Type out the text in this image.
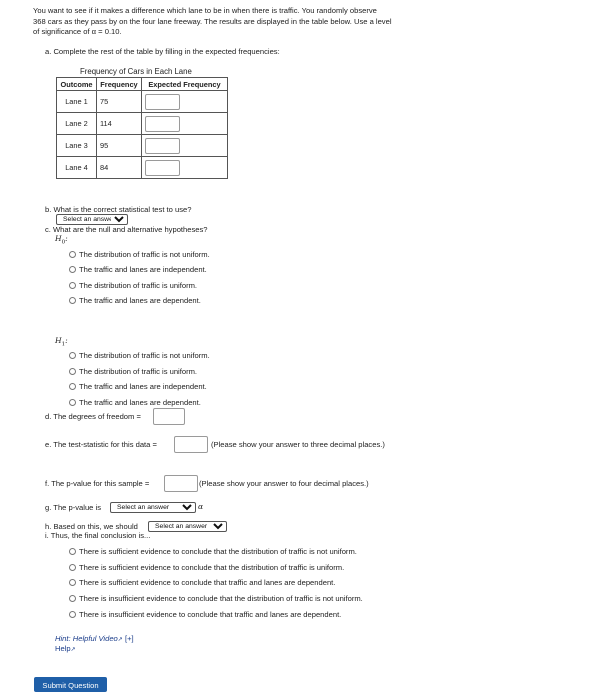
You want to see if it makes a difference which lane to be in when there is traffic. You randomly observe

368 cars as they pass by on the four lane freeway. The results are displayed in the table below. Use a level

of significance of α = 0.10.

a. Complete the rest of the table by filling in the expected frequencies:
Frequency of Cars in Each Lane
Outcome	Frequency	Expected Frequency
Lane 1	75	

Lane 2	114	

Lane 3	95	

Lane 4	84	
b. What is the correct statistical test to use?
Select an answer
c. What are the null and alternative hypotheses?
$H_0$:
The distribution of traffic is not uniform.
The traffic and lanes are independent.
The distribution of traffic is uniform.
The traffic and lanes are dependent.
$H_1$:
The distribution of traffic is not uniform.
The distribution of traffic is uniform.
The traffic and lanes are independent.
The traffic and lanes are dependent.
d. The degrees of freedom =
e. The test-statistic for this data =	(Please show your answer to three decimal places.)
f. The p-value for this sample =	(Please show your answer to four decimal places.)
g. The p-value is
Select an answer	α
h. Based on this, we should
Select an answer
i. Thus, the final conclusion is...
There is sufficient evidence to conclude that the distribution of traffic is not uniform.
There is sufficient evidence to conclude that the distribution of traffic is uniform.
There is sufficient evidence to conclude that traffic and lanes are dependent.
There is insufficient evidence to conclude that the distribution of traffic is not uniform.
There is insufficient evidence to conclude that traffic and lanes are dependent.
Hint: Helpful Video↗ [+]
Help↗
Submit Question
